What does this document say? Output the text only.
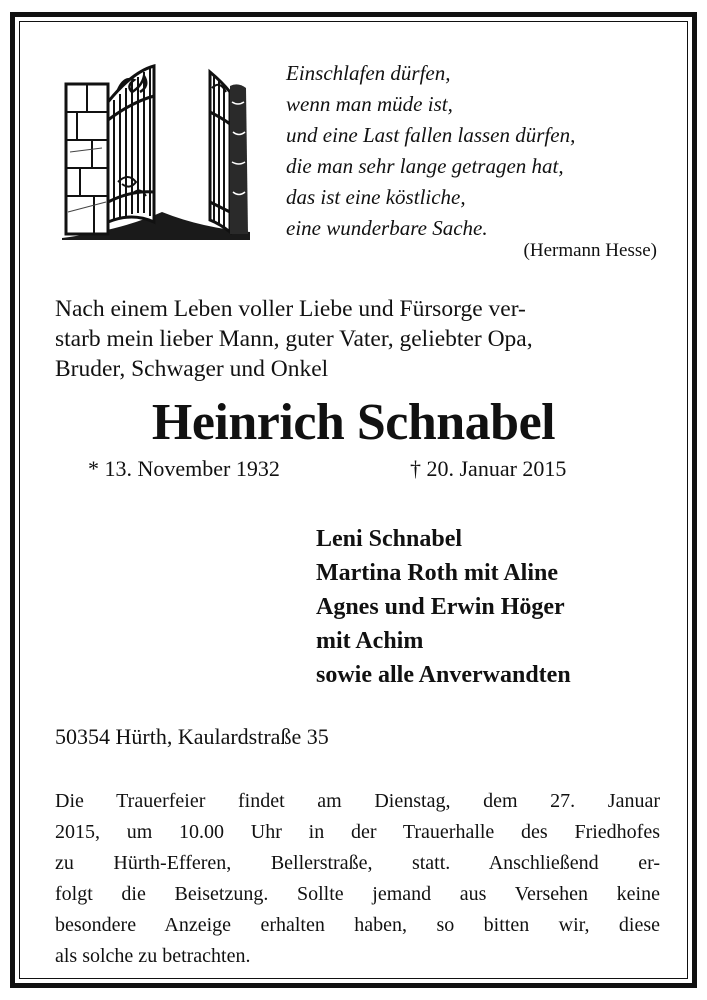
Einschlafen dürfen,
wenn man müde ist,
und eine Last fallen lassen dürfen,
die man sehr lange getragen hat,
das ist eine köstliche,
eine wunderbare Sache.
(Hermann Hesse)
Nach einem Leben voller Liebe und Fürsorge ver-
starb mein lieber Mann, guter Vater, geliebter Opa,
Bruder, Schwager und Onkel
Heinrich Schnabel
* 13. November 1932	† 20. Januar 2015
Leni Schnabel
Martina Roth mit Aline
Agnes und Erwin Höger
mit Achim
sowie alle Anverwandten
50354 Hürth, Kaulardstraße 35
Die Trauerfeier findet am Dienstag, dem 27. Januar
2015, um 10.00 Uhr in der Trauerhalle des Friedhofes
zu Hürth-Efferen, Bellerstraße, statt. Anschließend er-
folgt die Beisetzung. Sollte jemand aus Versehen keine
besondere Anzeige erhalten haben, so bitten wir, diese
als solche zu betrachten.
